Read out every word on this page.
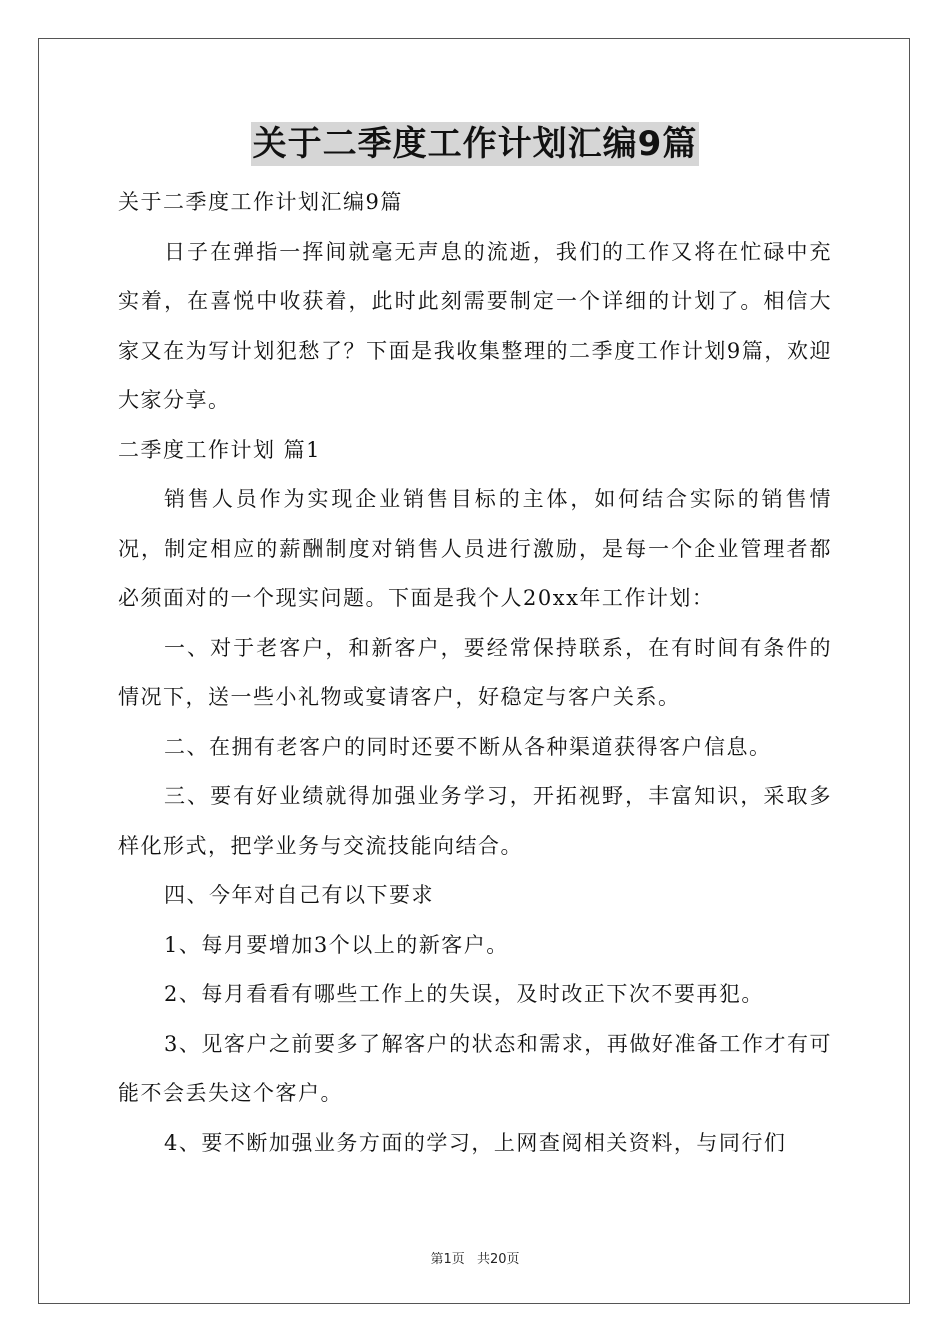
关于二季度工作计划汇编9篇

关于二季度工作计划汇编9篇

日子在弹指一挥间就毫无声息的流逝，我们的工作又将在忙碌中充实着，在喜悦中收获着，此时此刻需要制定一个详细的计划了。相信大家又在为写计划犯愁了？下面是我收集整理的二季度工作计划9篇，欢迎大家分享。

二季度工作计划 篇1

销售人员作为实现企业销售目标的主体，如何结合实际的销售情况，制定相应的薪酬制度对销售人员进行激励，是每一个企业管理者都必须面对的一个现实问题。下面是我个人20xx年工作计划：

一、对于老客户，和新客户，要经常保持联系，在有时间有条件的情况下，送一些小礼物或宴请客户，好稳定与客户关系。

二、在拥有老客户的同时还要不断从各种渠道获得客户信息。

三、要有好业绩就得加强业务学习，开拓视野，丰富知识，采取多样化形式，把学业务与交流技能向结合。

四、今年对自己有以下要求

1、每月要增加3个以上的新客户。

2、每月看看有哪些工作上的失误，及时改正下次不要再犯。

3、见客户之前要多了解客户的状态和需求，再做好准备工作才有可能不会丢失这个客户。

4、要不断加强业务方面的学习，上网查阅相关资料，与同行们

第1页 共20页
